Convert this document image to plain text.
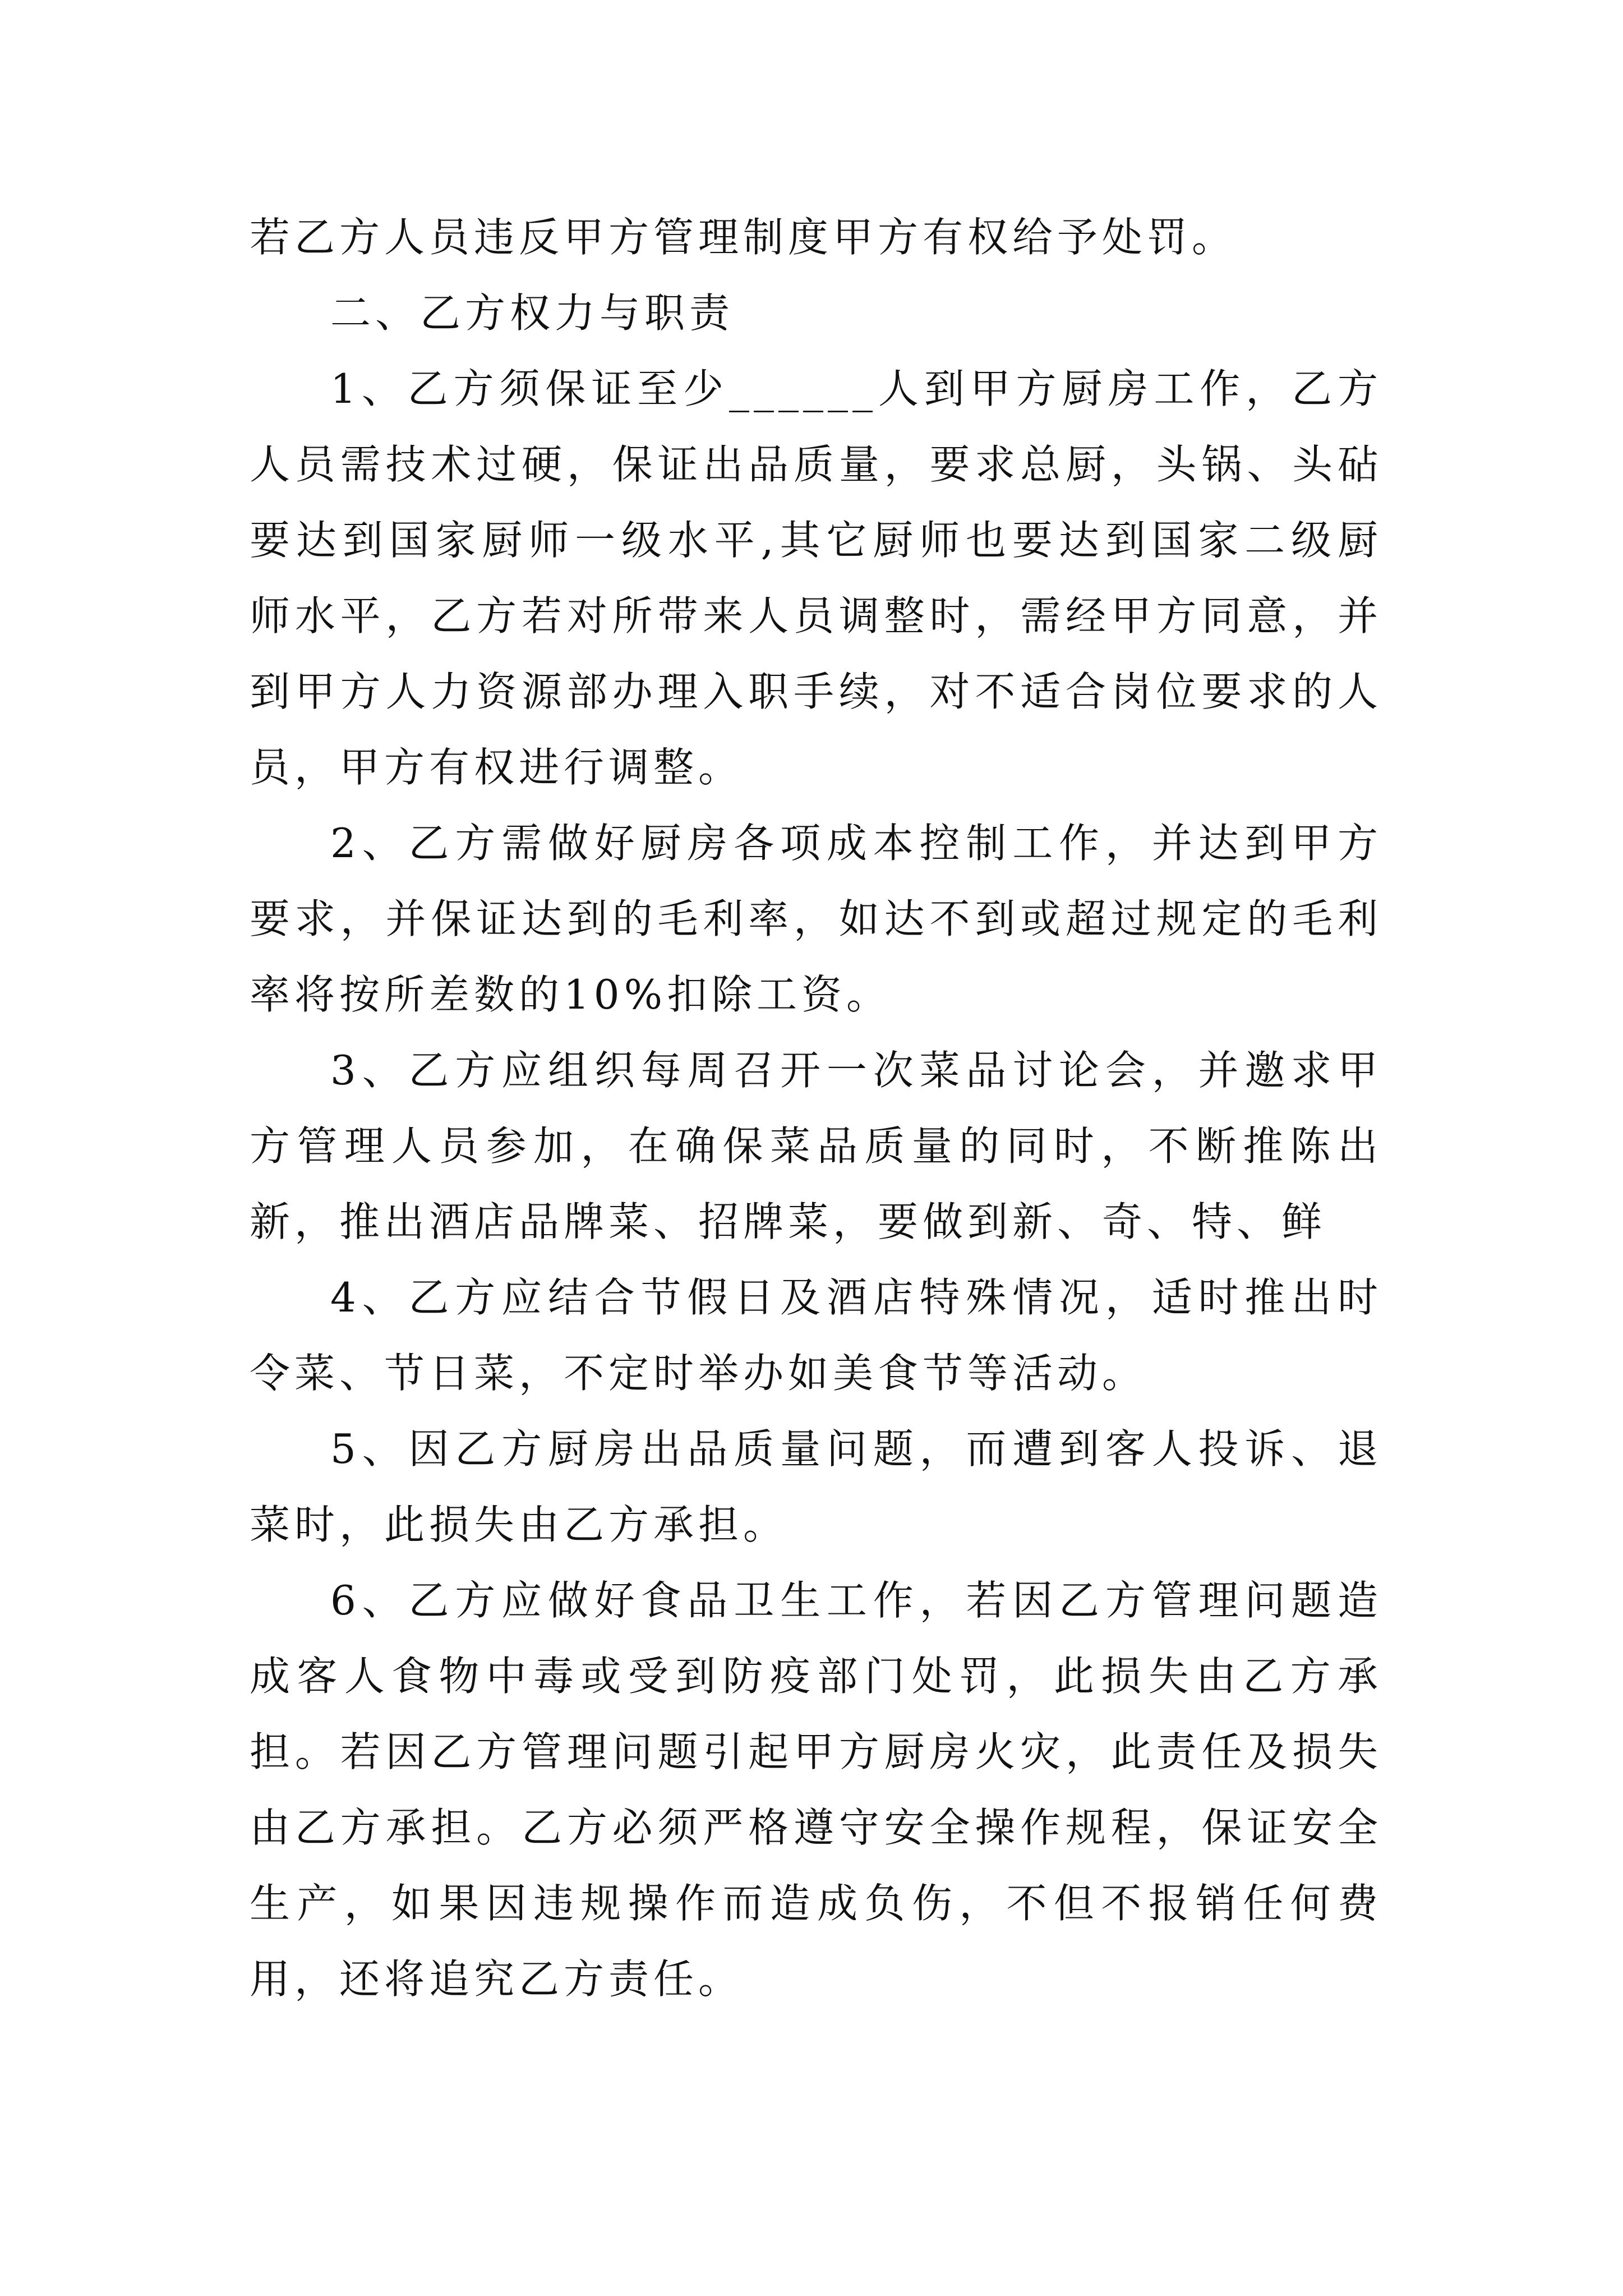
若乙方人员违反甲方管理制度甲方有权给予处罚。

二、乙方权力与职责

1、乙方须保证至少______人到甲方厨房工作，乙方人员需技术过硬，保证出品质量，要求总厨，头锅、头砧要达到国家厨师一级水平,其它厨师也要达到国家二级厨师水平，乙方若对所带来人员调整时，需经甲方同意，并到甲方人力资源部办理入职手续，对不适合岗位要求的人员，甲方有权进行调整。

2、乙方需做好厨房各项成本控制工作，并达到甲方要求，并保证达到的毛利率，如达不到或超过规定的毛利率将按所差数的10%扣除工资。

3、乙方应组织每周召开一次菜品讨论会，并邀求甲方管理人员参加，在确保菜品质量的同时，不断推陈出新，推出酒店品牌菜、招牌菜，要做到新、奇、特、鲜

4、乙方应结合节假日及酒店特殊情况，适时推出时令菜、节日菜，不定时举办如美食节等活动。

5、因乙方厨房出品质量问题，而遭到客人投诉、退菜时，此损失由乙方承担。

6、乙方应做好食品卫生工作，若因乙方管理问题造成客人食物中毒或受到防疫部门处罚，此损失由乙方承担。若因乙方管理问题引起甲方厨房火灾，此责任及损失由乙方承担。乙方必须严格遵守安全操作规程，保证安全生产，如果因违规操作而造成负伤，不但不报销任何费用，还将追究乙方责任。
